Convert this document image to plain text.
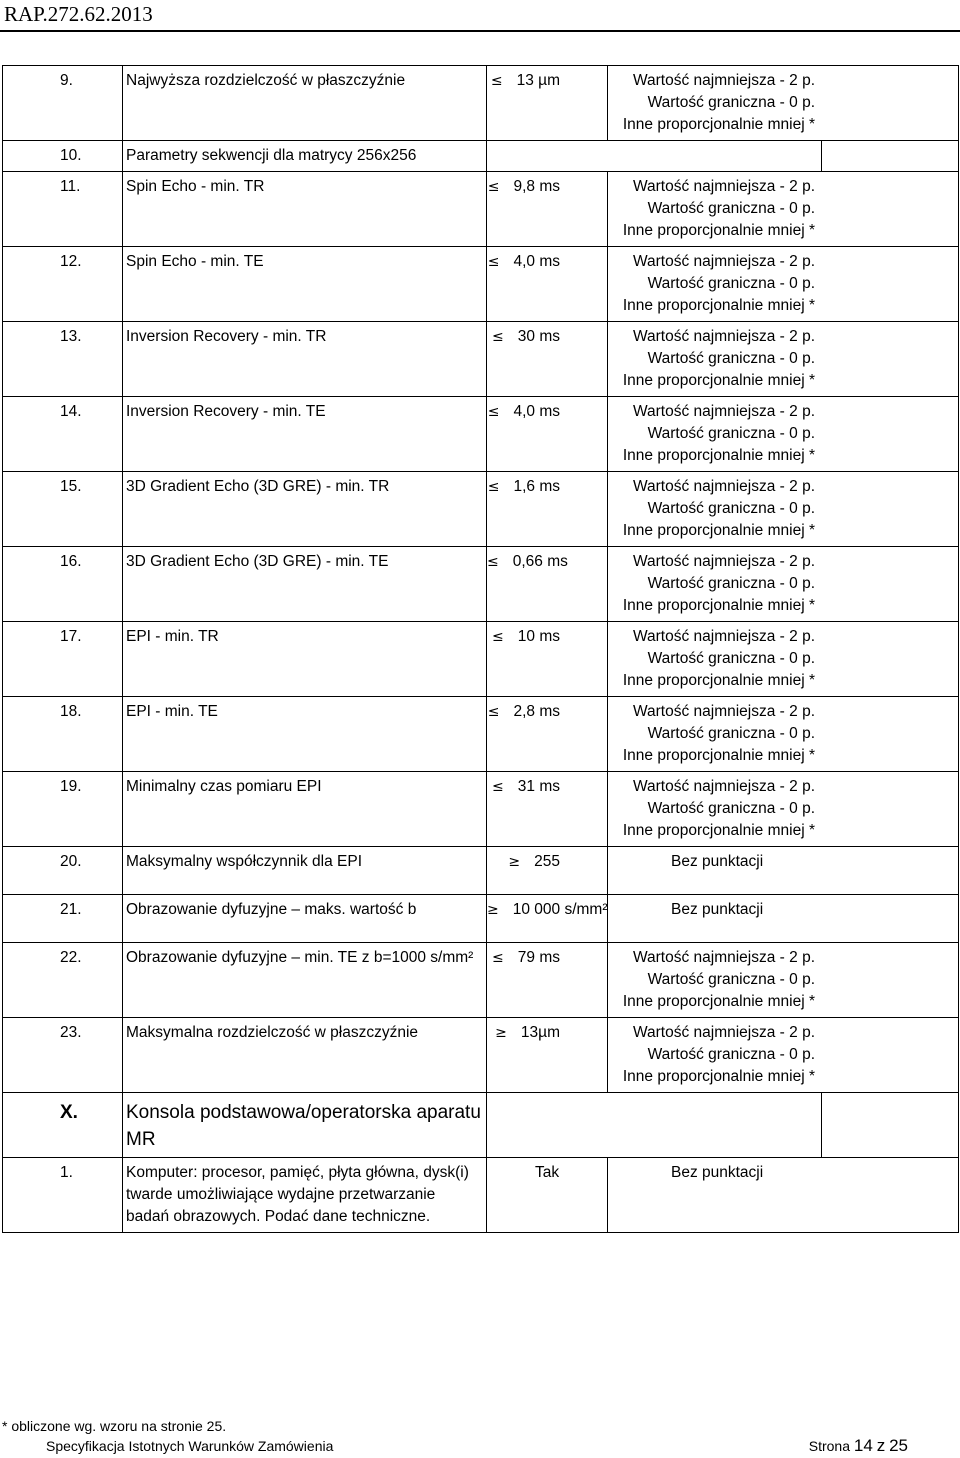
RAP.272.62.2013
9.	Najwyższa rozdzielczość w płaszczyźnie	≤ 13 µm	Wartość najmniejsza - 2 p.
Wartość graniczna - 0 p.
Inne proporcjonalnie mniej *	

10.	Parametry sekwencji dla matrycy 256x256			
11.	Spin Echo - min. TR	≤ 9,8 ms	Wartość najmniejsza - 2 p.
Wartość graniczna - 0 p.
Inne proporcjonalnie mniej *	

12.	Spin Echo - min. TE	≤ 4,0 ms	Wartość najmniejsza - 2 p.
Wartość graniczna - 0 p.
Inne proporcjonalnie mniej *	

13.	Inversion Recovery - min. TR	≤ 30 ms	Wartość najmniejsza - 2 p.
Wartość graniczna - 0 p.
Inne proporcjonalnie mniej *	

14.	Inversion Recovery - min. TE	≤ 4,0 ms	Wartość najmniejsza - 2 p.
Wartość graniczna - 0 p.
Inne proporcjonalnie mniej *	

15.	3D Gradient Echo (3D GRE) - min. TR	≤ 1,6 ms	Wartość najmniejsza - 2 p.
Wartość graniczna - 0 p.
Inne proporcjonalnie mniej *	

16.	3D Gradient Echo (3D GRE) - min. TE	≤ 0,66 ms	Wartość najmniejsza - 2 p.
Wartość graniczna - 0 p.
Inne proporcjonalnie mniej *	

17.	EPI - min. TR	≤ 10 ms	Wartość najmniejsza - 2 p.
Wartość graniczna - 0 p.
Inne proporcjonalnie mniej *	

18.	EPI - min. TE	≤ 2,8 ms	Wartość najmniejsza - 2 p.
Wartość graniczna - 0 p.
Inne proporcjonalnie mniej *	

19.	Minimalny czas pomiaru EPI	≤ 31 ms	Wartość najmniejsza - 2 p.
Wartość graniczna - 0 p.
Inne proporcjonalnie mniej *	

20.	Maksymalny współczynnik dla EPI	≥ 255	Bez punktacji	
21.	Obrazowanie dyfuzyjne – maks. wartość b	≥ 10 000 s/mm²	Bez punktacji	
22.	Obrazowanie dyfuzyjne – min. TE z b=1000 s/mm²	≤ 79 ms	Wartość najmniejsza - 2 p.
Wartość graniczna - 0 p.
Inne proporcjonalnie mniej *	

23.	Maksymalna rozdzielczość w płaszczyźnie	≥ 13µm	Wartość najmniejsza - 2 p.
Wartość graniczna - 0 p.
Inne proporcjonalnie mniej *	

X.	Konsola podstawowa/operatorska aparatu MR			
1.	Komputer: procesor, pamięć, płyta główna, dysk(i) twarde umożliwiające wydajne przetwarzanie badań obrazowych. Podać dane techniczne.	Tak	Bez punktacji	
* obliczone wg. wzoru na stronie 25.
Specyfikacja Istotnych Warunków Zamówienia	Strona 14 z 25
